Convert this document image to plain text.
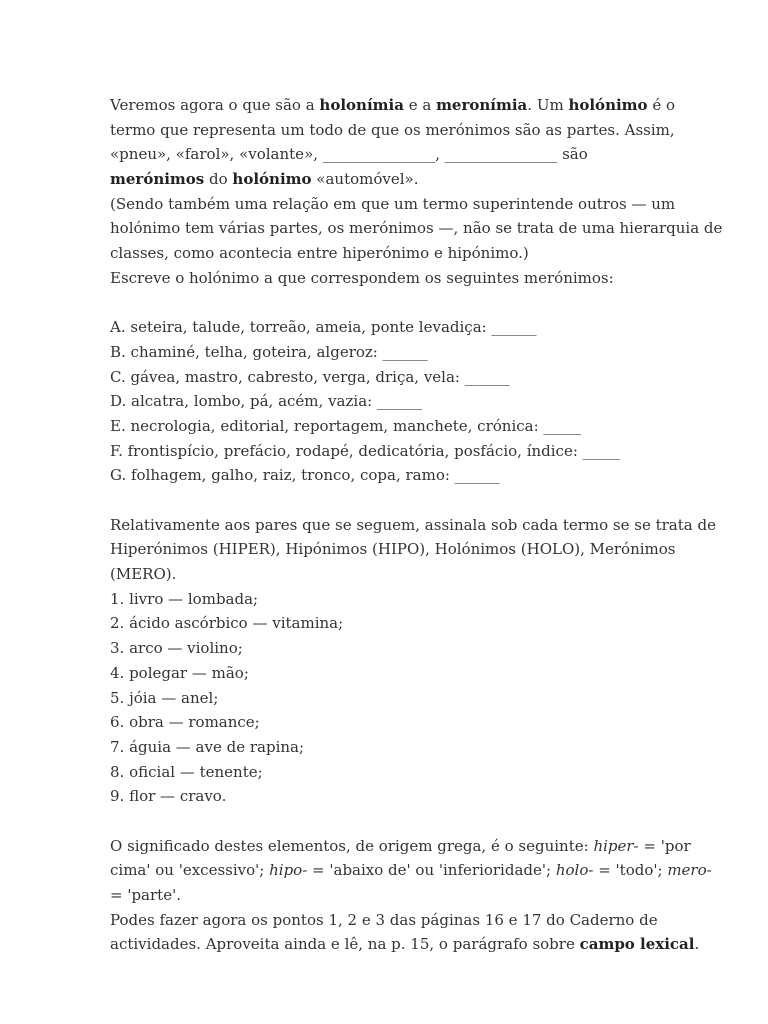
Veremos agora o que são a holonímia e a meronímia. Um holónimo é o
termo que representa um todo de que os merónimos são as partes. Assim,
«pneu», «farol», «volante», _______________, _______________ são
merónimos do holónimo «automóvel».
(Sendo também uma relação em que um termo superintende outros — um
holónimo tem várias partes, os merónimos —, não se trata de uma hierarquia de
classes, como acontecia entre hiperónimo e hipónimo.)
Escreve o holónimo a que correspondem os seguintes merónimos:
A. seteira, talude, torreão, ameia, ponte levadiça: ______
B. chaminé, telha, goteira, algeroz: ______
C. gávea, mastro, cabresto, verga, driça, vela: ______
D. alcatra, lombo, pá, acém, vazia: ______
E. necrologia, editorial, reportagem, manchete, crónica: _____
F. frontispício, prefácio, rodapé, dedicatória, posfácio, índice: _____
G. folhagem, galho, raiz, tronco, copa, ramo: ______
Relativamente aos pares que se seguem, assinala sob cada termo se se trata de
Hiperónimos (HIPER), Hipónimos (HIPO), Holónimos (HOLO), Merónimos
(MERO).
1. livro — lombada;
2. ácido ascórbico — vitamina;
3. arco — violino;
4. polegar — mão;
5. jóia — anel;
6. obra — romance;
7. águia — ave de rapina;
8. oficial — tenente;
9. flor — cravo.
O significado destes elementos, de origem grega, é o seguinte: hiper- = 'por
cima' ou 'excessivo'; hipo- = 'abaixo de' ou 'inferioridade'; holo- = 'todo'; mero-
= 'parte'.
Podes fazer agora os pontos 1, 2 e 3 das páginas 16 e 17 do Caderno de
actividades. Aproveita ainda e lê, na p. 15, o parágrafo sobre campo lexical.
